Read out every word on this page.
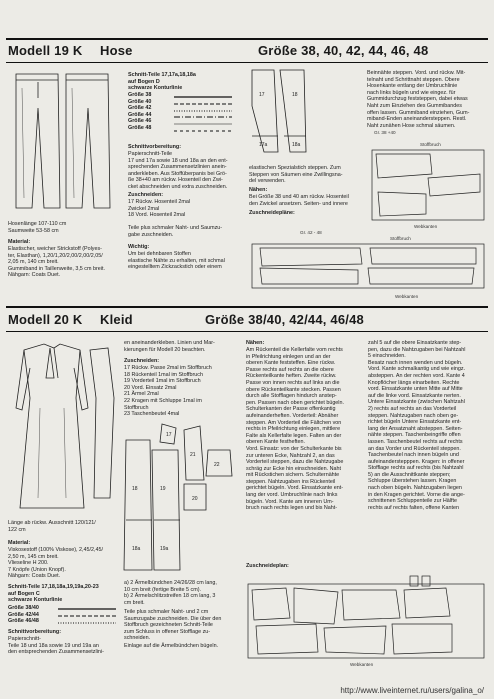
Modell 19 K Hose	Größe 38, 40, 42, 44, 46, 48
Hosenlänge 107-110 cm
Saumweite 53-58 cm
Material:
Elastischer, weicher Strickstoff (Polyes-
ter, Elasthan), 1,20/1,20/2,00/2,00/2,05/
2,05 m, 140 cm breit.
Gummiband in Taillenweite, 3,5 cm breit.
Nähgarn: Coats Duet.
Schnitt-Teile 17,17a,18,18a
auf Bogen D
schwarze Konturlinie
Größe 38
Größe 40
Größe 42
Größe 44
Größe 46
Größe 48
Schnittvorbereitung:
Papierschnitt-Teile
17 und 17a sowie 18 und 18a an den ent-
sprechenden Zusammensetzlinien anein-
anderkleben. Aus Stoffüberpanis bei Grö-
ße 38+40 am rückw. Hosenteil den Zwi-
cket abschneiden und extra zuschneiden.
Zuschneiden:
17 Rückw. Hosenteil 2mal
Zwickel 2mal
18 Vord. Hosenteil 2mal
Teile plus schmaler Naht- und Saumzu-
gabe zuschneiden.
Wichtig:
Um bei dehnbaren Stoffen
elastische Nähte zu erhalten, mit schmal
eingestelltem Zickzackstich oder einem
17	18
17a	18a
elastischen Spezialstich steppen. Zum
Steppen von Säumen eine Zwillingsna-
del verwenden.
Nähen:
Bei Größe 38 und 40 am rückw. Hosenteil
den Zwickel ansetzen. Seiten- und innere
Zuschneidepläne:
Beinnähte steppen. Vord. und rückw. Mit-
telnaht und Schrittnaht steppen. Obere
Hosenkante entlang der Umbruchlinie
nach links bügeln und wie eingez. für
Gummidurchzug feststeppen, dabei etwas
Naht zum Einziehen des Gummibandes
offen lassen. Gummiband einziehen, Gum-
miband-Enden aneinandersteppen. Restl.
Naht zunähen Hose schmal säumen.
Gr. 38 +40
Stoffbruch
Webkanten
Gr. 42 - 48
Stoffbruch
Webkanten
Modell 20 K Kleid	Größe 38/40, 42/44, 46/48
Länge ab rückw. Ausschnitt 120/121/
122 cm
Material:
Viskosestoff (100% Viskose), 2,45/2,45/
2,50 m, 145 cm breit.
Vlieseline H 200.
7 Knöpfe (Union Knopf).
Nähgarn: Coats Duet.
Schnitt-Teile 17,18,18a,19,19a,20-23
auf Bogen C
schwarze Konturlinie
Größe 38/40
Größe 42/44
Größe 46/48
Schnittvorbereitung:
Papierschnitt-
Teile 18 und 18a sowie 19 und 19a an
den entsprechenden Zusammensetzlini-
en aneinanderkleben. Linien und Mar-
kierungen für Modell 20 beachten.
Zuschneiden:
17 Rückw. Passe 2mal im Stoffbruch
18 Rückenteil 1mal im Stoffbruch
19 Vorderteil 1mal im Stoffbruch
20 Vord. Einsatz 2mal
21 Ärmel 2mal
22 Kragen mit Schluppe 1mal im
Stoffbruch
23 Taschenbeutel 4mal
18	19
18a	19a
21
22
20
17
a) 2 Ärmelbündchen 24/26/28 cm lang,
10 cm breit (fertige Breite 5 cm).
b) 2 Ärmelschlitzstreifen 18 cm lang, 3
cm breit.
Teile plus schmaler Naht- und 2 cm
Saumzugabe zuschneiden. Die über den
Stoffbruch gezeichneten Schnitt-Teile
zum Schluss in offener Stofflage zu-
schneiden.
Einlage auf die Ärmelbündchen bügeln.
Nähen:
Am Rückenteil die Kellerfalte vom rechts
in Pfeilrichtung einlegen und an der
oberen Kante feststeffen. Eine rückw.
Passe rechts auf rechts an die obere
Rückenteilkante heften. Zweite rückw.
Passe von innen rechts auf links an die
obere Rückenteilkante stecken. Passen
durch alle Stofflagen hindurch anstep-
pen. Passen nach oben gerichtet bügeln.
Schulterkanten der Passe offenkantig
aufeinanderheften. Vorderteil: Abnäher
steppen. Am Vorderteil die Fältchen von
rechts in Pfeilrichtung einlegen, mittlere
Falte als Kellerfalte legen. Falten an der
oberen Kante festheften.
Vord. Einsatz: von der Schulterkante bis
zur unteren Ecke, Nahtzahl 2, an das
Vorderteil steppen, dazu die Nahtzugabe
schräg zur Ecke hin einschneiden. Naht
mit Rückstichen sichern. Schulternähte
steppen. Nahtzugaben ins Rückenteil
gerichtet bügeln. Vord. Einsatzkante ent-
lang der vord. Umbruchlinie nach links
bügeln. Vord. Kante am inneren Um-
bruch nach rechts legen und bis Naht-
zahl 5 auf die obere Einsatzkante step-
pen, dazu die Nahtzugaben bei Nahtzahl
5 einschneiden.
Besatz nach innen wenden und bügeln.
Vord. Kante schmalkantig und wie eingz.
absteppen. An der rechten vord. Kante 4
Knopflöcher längs einarbeiten. Rechte
vord. Einsatzkante unten Mitte auf Mitte
auf die linke vord. Einsatzkante nerten.
Untere Einsatzkante (zwischen Nahtzahl
2) rechts auf rechts an das Vorderteil
steppen. Nahtzugaben nach oben ge-
richtet bügeln Untere Einsatzkante ent-
lang der Ansatznaht absteppen. Seiten-
nähte steppen. Taschenbeingriffe offen
lassen. Taschenbeutel rechts auf rechts
an das Vorder und Rückenteil steppen.
Taschenbeutel nach innen bügeln und
aufeinanderstepppen. Kragen: in offener
Stofflage rechts auf rechts (bis Nahtzahl
5) an die Ausschnittkante steppen;
Schluppe überstehen lassen. Kragen
nach oben bügeln. Nahtzugaben liegen
in den Kragen gerichtet. Vorne die ange-
schnittenen Schluppenteile zur Hälfte
rechts auf rechts falten, offene Kanten
Zuschneideplan:
Webkanten
http://www.liveinternet.ru/users/galina_o/
